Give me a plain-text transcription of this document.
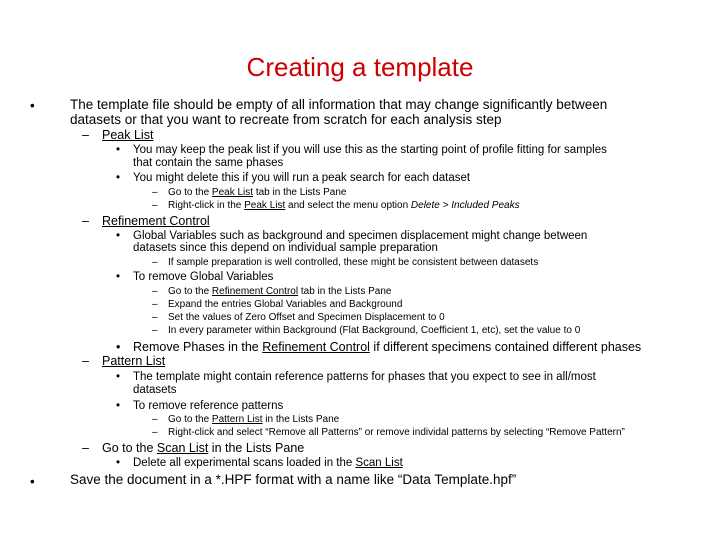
Creating a template
•	The template file should be empty of all information that may change significantly between
datasets or that you want to recreate from scratch for each analysis step
– Peak List
• You may keep the peak list if you will use this as the starting point of profile fitting for samples
that contain the same phases
• You might delete this if you will run a peak search for each dataset
– Go to the Peak List tab in the Lists Pane
– Right-click in the Peak List and select the menu option Delete > Included Peaks
– Refinement Control
• Global Variables such as background and specimen displacement might change between
datasets since this depend on individual sample preparation
– If sample preparation is well controlled, these might be consistent between datasets
• To remove Global Variables
– Go to the Refinement Control tab in the Lists Pane
– Expand the entries Global Variables and Background
– Set the values of Zero Offset and Specimen Displacement to 0
– In every parameter within Background (Flat Background, Coefficient 1, etc), set the value to 0
• Remove Phases in the Refinement Control if different specimens contained different phases
– Pattern List
• The template might contain reference patterns for phases that you expect to see in all/most
datasets
• To remove reference patterns
– Go to the Pattern List in the Lists Pane
– Right-click and select “Remove all Patterns” or remove individal patterns by selecting “Remove Pattern”
– Go to the Scan List in the Lists Pane
• Delete all experimental scans loaded in the Scan List
•	Save the document in a *.HPF format with a name like “Data Template.hpf”
